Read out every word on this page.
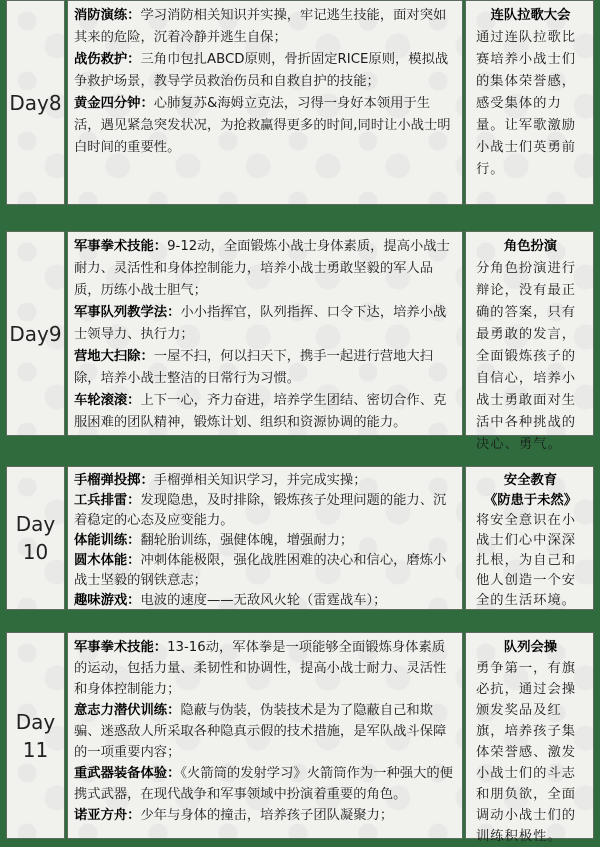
Day8

消防演练：学习消防相关知识并实操，牢记逃生技能，面对突如其来的危险，沉着冷静并逃生自保；

战伤救护：三角巾包扎ABCD原则，骨折固定RICE原则，模拟战争救护场景，教导学员救治伤员和自救自护的技能；

黄金四分钟：心肺复苏&海姆立克法，习得一身好本领用于生活，遇见紧急突发状况，为抢救赢得更多的时间,同时让小战士明白时间的重要性。

连队拉歌大会
通过连队拉歌比赛培养小战士们的集体荣誉感，感受集体的力量。让军歌激励小战士们英勇前行。
Day9

军事拳术技能：9-12动，全面锻炼小战士身体素质，提高小战士耐力、灵活性和身体控制能力，培养小战士勇敢坚毅的军人品质，历练小战士胆气；

军事队列教学法：小小指挥官，队列指挥、口令下达，培养小战士领导力、执行力；

营地大扫除：一屋不扫，何以扫天下，携手一起进行营地大扫除，培养小战士整洁的日常行为习惯。

车轮滚滚：上下一心，齐力奋进，培养学生团结、密切合作、克服困难的团队精神，锻炼计划、组织和资源协调的能力。

角色扮演
分角色扮演进行辩论，没有最正确的答案，只有最勇敢的发言，全面锻炼孩子的自信心，培养小战士勇敢面对生活中各种挑战的决心、勇气。
Day 10

手榴弹投掷：手榴弹相关知识学习，并完成实操；

工兵排雷：发现隐患，及时排除，锻炼孩子处理问题的能力、沉着稳定的心态及应变能力。

体能训练：翻轮胎训练，强健体魄，增强耐力；

圆木体能：冲刺体能极限，强化战胜困难的决心和信心，磨炼小战士坚毅的钢铁意志；

趣味游戏：电波的速度——无敌风火轮（雷霆战车）；

安全教育
《防患于未然》
将安全意识在小战士们心中深深扎根，为自己和他人创造一个安全的生活环境。
Day 11

军事拳术技能：13-16动，军体拳是一项能够全面锻炼身体素质的运动，包括力量、柔韧性和协调性，提高小战士耐力、灵活性和身体控制能力；

意志力潜伏训练：隐蔽与伪装，伪装技术是为了隐蔽自己和欺骗、迷惑敌人所采取各种隐真示假的技术措施，是军队战斗保障的一项重要内容；

重武器装备体验：《火箭筒的发射学习》火箭筒作为一种强大的便携式武器，在现代战争和军事领域中扮演着重要的角色。

诺亚方舟：少年与身体的撞击，培养孩子团队凝聚力；

队列会操
勇争第一，有旗必抗，通过会操颁发奖品及红旗，培养孩子集体荣誉感、激发小战士们的斗志和朋负欲，全面调动小战士们的训练积极性。
